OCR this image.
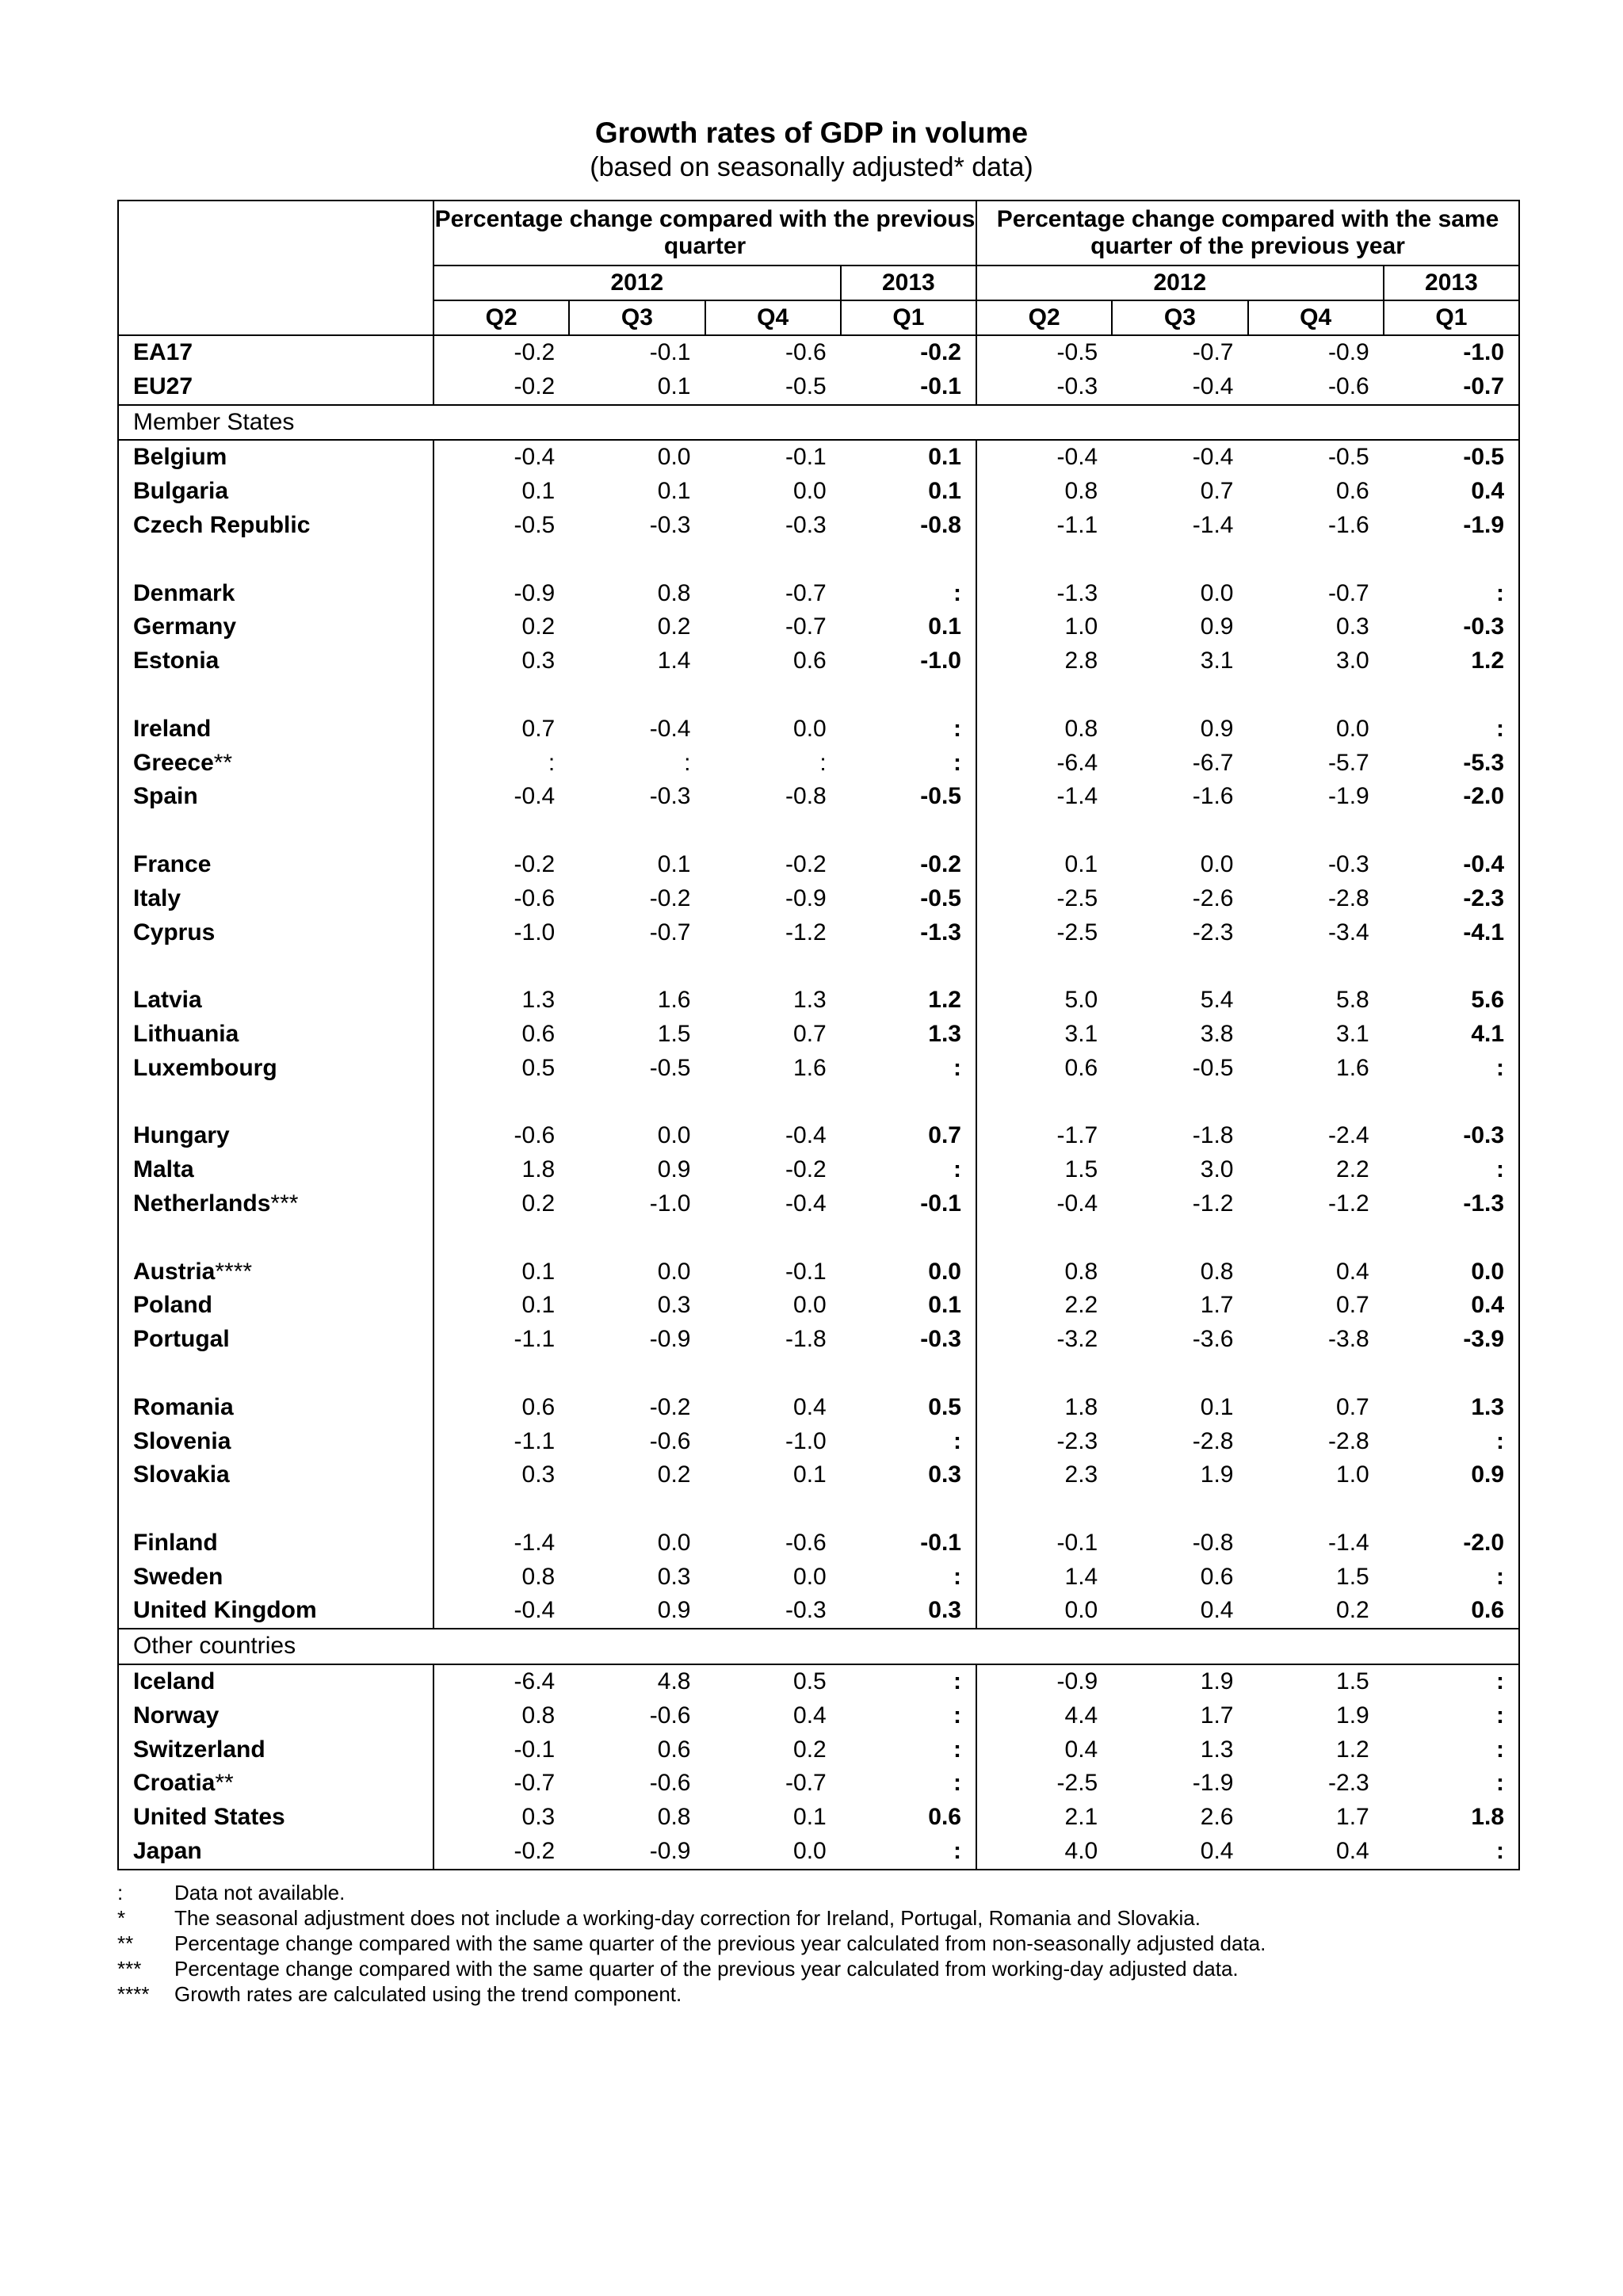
Growth rates of GDP in volume
(based on seasonally adjusted* data)
	Percentage change compared with the previous quarter				Percentage change compared with the same quarter of the previous year			
	2012			2013	2012			2013
	Q2	Q3	Q4	Q1	Q2	Q3	Q4	Q1
EA17	-0.2	-0.1	-0.6	-0.2	-0.5	-0.7	-0.9	-1.0
EU27	-0.2	0.1	-0.5	-0.1	-0.3	-0.4	-0.6	-0.7
Member States								
Belgium	-0.4	0.0	-0.1	0.1	-0.4	-0.4	-0.5	-0.5
Bulgaria	0.1	0.1	0.0	0.1	0.8	0.7	0.6	0.4
Czech Republic	-0.5	-0.3	-0.3	-0.8	-1.1	-1.4	-1.6	-1.9

Denmark	-0.9	0.8	-0.7	:	-1.3	0.0	-0.7	:
Germany	0.2	0.2	-0.7	0.1	1.0	0.9	0.3	-0.3
Estonia	0.3	1.4	0.6	-1.0	2.8	3.1	3.0	1.2

Ireland	0.7	-0.4	0.0	:	0.8	0.9	0.0	:
Greece**	:	:	:	:	-6.4	-6.7	-5.7	-5.3
Spain	-0.4	-0.3	-0.8	-0.5	-1.4	-1.6	-1.9	-2.0

France	-0.2	0.1	-0.2	-0.2	0.1	0.0	-0.3	-0.4
Italy	-0.6	-0.2	-0.9	-0.5	-2.5	-2.6	-2.8	-2.3
Cyprus	-1.0	-0.7	-1.2	-1.3	-2.5	-2.3	-3.4	-4.1

Latvia	1.3	1.6	1.3	1.2	5.0	5.4	5.8	5.6
Lithuania	0.6	1.5	0.7	1.3	3.1	3.8	3.1	4.1
Luxembourg	0.5	-0.5	1.6	:	0.6	-0.5	1.6	:

Hungary	-0.6	0.0	-0.4	0.7	-1.7	-1.8	-2.4	-0.3
Malta	1.8	0.9	-0.2	:	1.5	3.0	2.2	:
Netherlands***	0.2	-1.0	-0.4	-0.1	-0.4	-1.2	-1.2	-1.3

Austria****	0.1	0.0	-0.1	0.0	0.8	0.8	0.4	0.0
Poland	0.1	0.3	0.0	0.1	2.2	1.7	0.7	0.4
Portugal	-1.1	-0.9	-1.8	-0.3	-3.2	-3.6	-3.8	-3.9

Romania	0.6	-0.2	0.4	0.5	1.8	0.1	0.7	1.3
Slovenia	-1.1	-0.6	-1.0	:	-2.3	-2.8	-2.8	:
Slovakia	0.3	0.2	0.1	0.3	2.3	1.9	1.0	0.9

Finland	-1.4	0.0	-0.6	-0.1	-0.1	-0.8	-1.4	-2.0
Sweden	0.8	0.3	0.0	:	1.4	0.6	1.5	:
United Kingdom	-0.4	0.9	-0.3	0.3	0.0	0.4	0.2	0.6
Other countries								
Iceland	-6.4	4.8	0.5	:	-0.9	1.9	1.5	:
Norway	0.8	-0.6	0.4	:	4.4	1.7	1.9	:
Switzerland	-0.1	0.6	0.2	:	0.4	1.3	1.2	:
Croatia**	-0.7	-0.6	-0.7	:	-2.5	-1.9	-2.3	:
United States	0.3	0.8	0.1	0.6	2.1	2.6	1.7	1.8
Japan	-0.2	-0.9	0.0	:	4.0	0.4	0.4	:
:	Data not available.
*	The seasonal adjustment does not include a working-day correction for Ireland, Portugal, Romania and Slovakia.
**	Percentage change compared with the same quarter of the previous year calculated from non-seasonally adjusted data.
***	Percentage change compared with the same quarter of the previous year calculated from working-day adjusted data.
****	Growth rates are calculated using the trend component.
